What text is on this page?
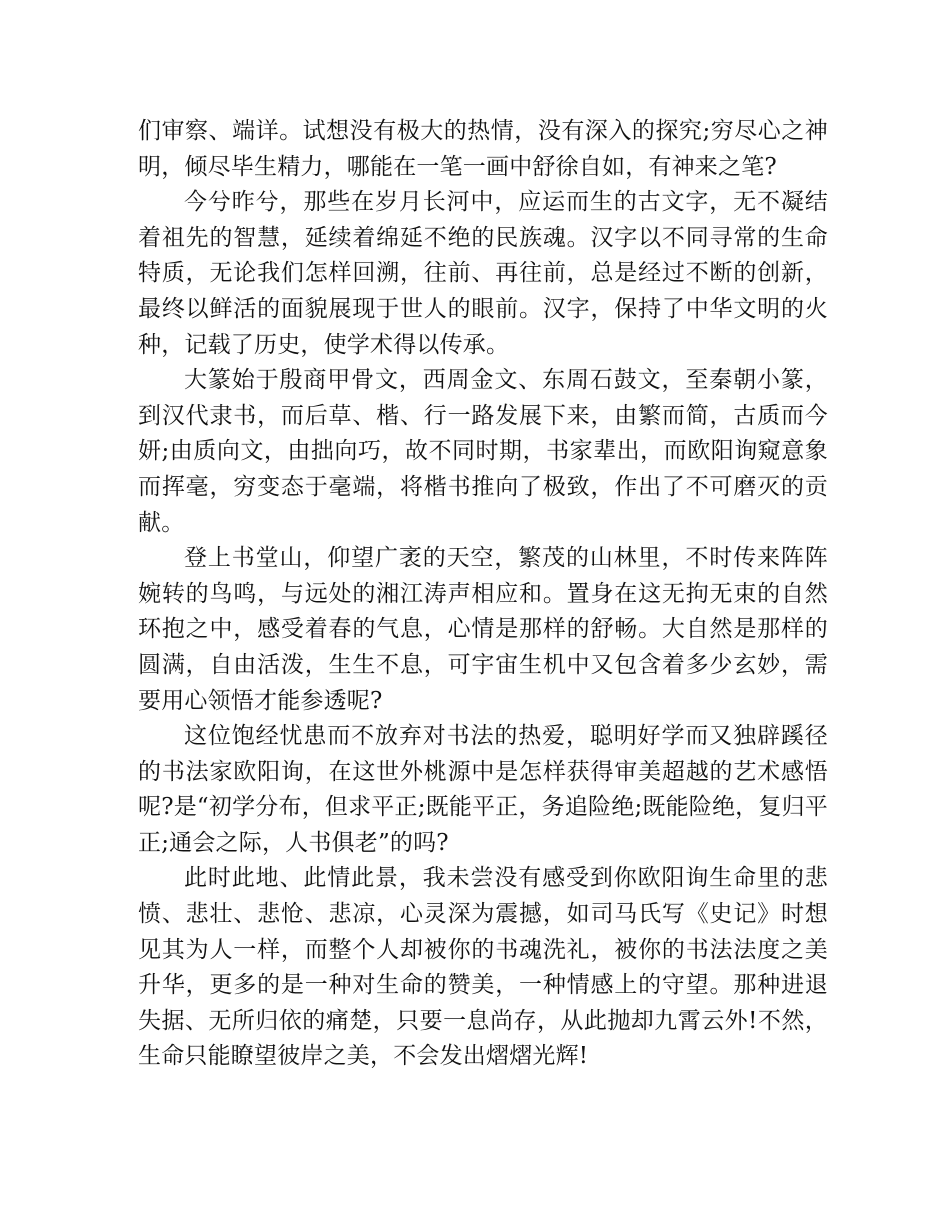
们审察、端详。试想没有极大的热情，没有深入的探究;穷尽心之神明，倾尽毕生精力，哪能在一笔一画中舒徐自如，有神来之笔?

今兮昨兮，那些在岁月长河中，应运而生的古文字，无不凝结着祖先的智慧，延续着绵延不绝的民族魂。汉字以不同寻常的生命特质，无论我们怎样回溯，往前、再往前，总是经过不断的创新，最终以鲜活的面貌展现于世人的眼前。汉字，保持了中华文明的火种，记载了历史，使学术得以传承。

大篆始于殷商甲骨文，西周金文、东周石鼓文，至秦朝小篆，到汉代隶书，而后草、楷、行一路发展下来，由繁而简，古质而今妍;由质向文，由拙向巧，故不同时期，书家辈出，而欧阳询窥意象而挥毫，穷变态于毫端，将楷书推向了极致，作出了不可磨灭的贡献。

登上书堂山，仰望广袤的天空，繁茂的山林里，不时传来阵阵婉转的鸟鸣，与远处的湘江涛声相应和。置身在这无拘无束的自然环抱之中，感受着春的气息，心情是那样的舒畅。大自然是那样的圆满，自由活泼，生生不息，可宇宙生机中又包含着多少玄妙，需要用心领悟才能参透呢?

这位饱经忧患而不放弃对书法的热爱，聪明好学而又独辟蹊径的书法家欧阳询，在这世外桃源中是怎样获得审美超越的艺术感悟呢?是“初学分布，但求平正;既能平正，务追险绝;既能险绝，复归平正;通会之际，人书俱老”的吗?

此时此地、此情此景，我未尝没有感受到你欧阳询生命里的悲愤、悲壮、悲怆、悲凉，心灵深为震撼，如司马氏写《史记》时想见其为人一样，而整个人却被你的书魂洗礼，被你的书法法度之美升华，更多的是一种对生命的赞美，一种情感上的守望。那种进退失据、无所归依的痛楚，只要一息尚存，从此抛却九霄云外!不然，生命只能瞭望彼岸之美，不会发出熠熠光辉!
